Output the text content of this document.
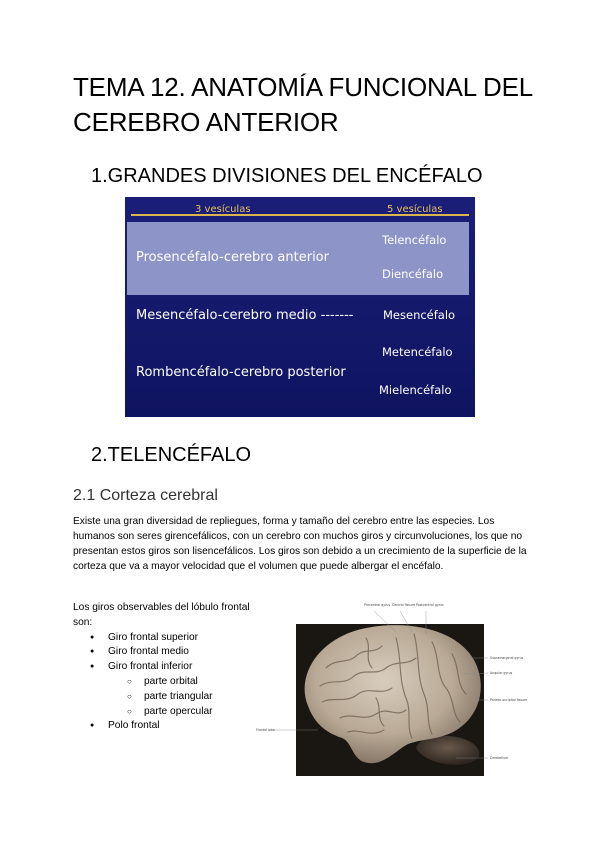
TEMA 12. ANATOMÍA FUNCIONAL DEL CEREBRO ANTERIOR
1.GRANDES DIVISIONES DEL ENCÉFALO
3 vesículas	5 vesículas
Prosencéfalo-cerebro anterior
Telencéfalo
Diencéfalo
Mesencéfalo-cerebro medio -------	Mesencéfalo
Metencéfalo
Rombencéfalo-cerebro posterior
Mielencéfalo
2.TELENCÉFALO
2.1 Corteza cerebral

Existe una gran diversidad de repliegues, forma y tamaño del cerebro entre las especies. Los humanos son seres girencefálicos, con un cerebro con muchos giros y circunvoluciones, los que no presentan estos giros son lisencefálicos. Los giros son debido a un crecimiento de la superficie de la corteza que va a mayor velocidad que el volumen que puede albergar el encéfalo.

Los giros observables del lóbulo frontal son:

● Giro frontal superior
● Giro frontal medio
● Giro frontal inferior
○ parte orbital
○ parte triangular
○ parte opercular
● Polo frontal
Precentral gyrus Central fissure Postcentral gyrus
Supramarginal gyrus
Angular gyrus
Parieto-occipital fissure
Frontal lobe
Cerebellum
